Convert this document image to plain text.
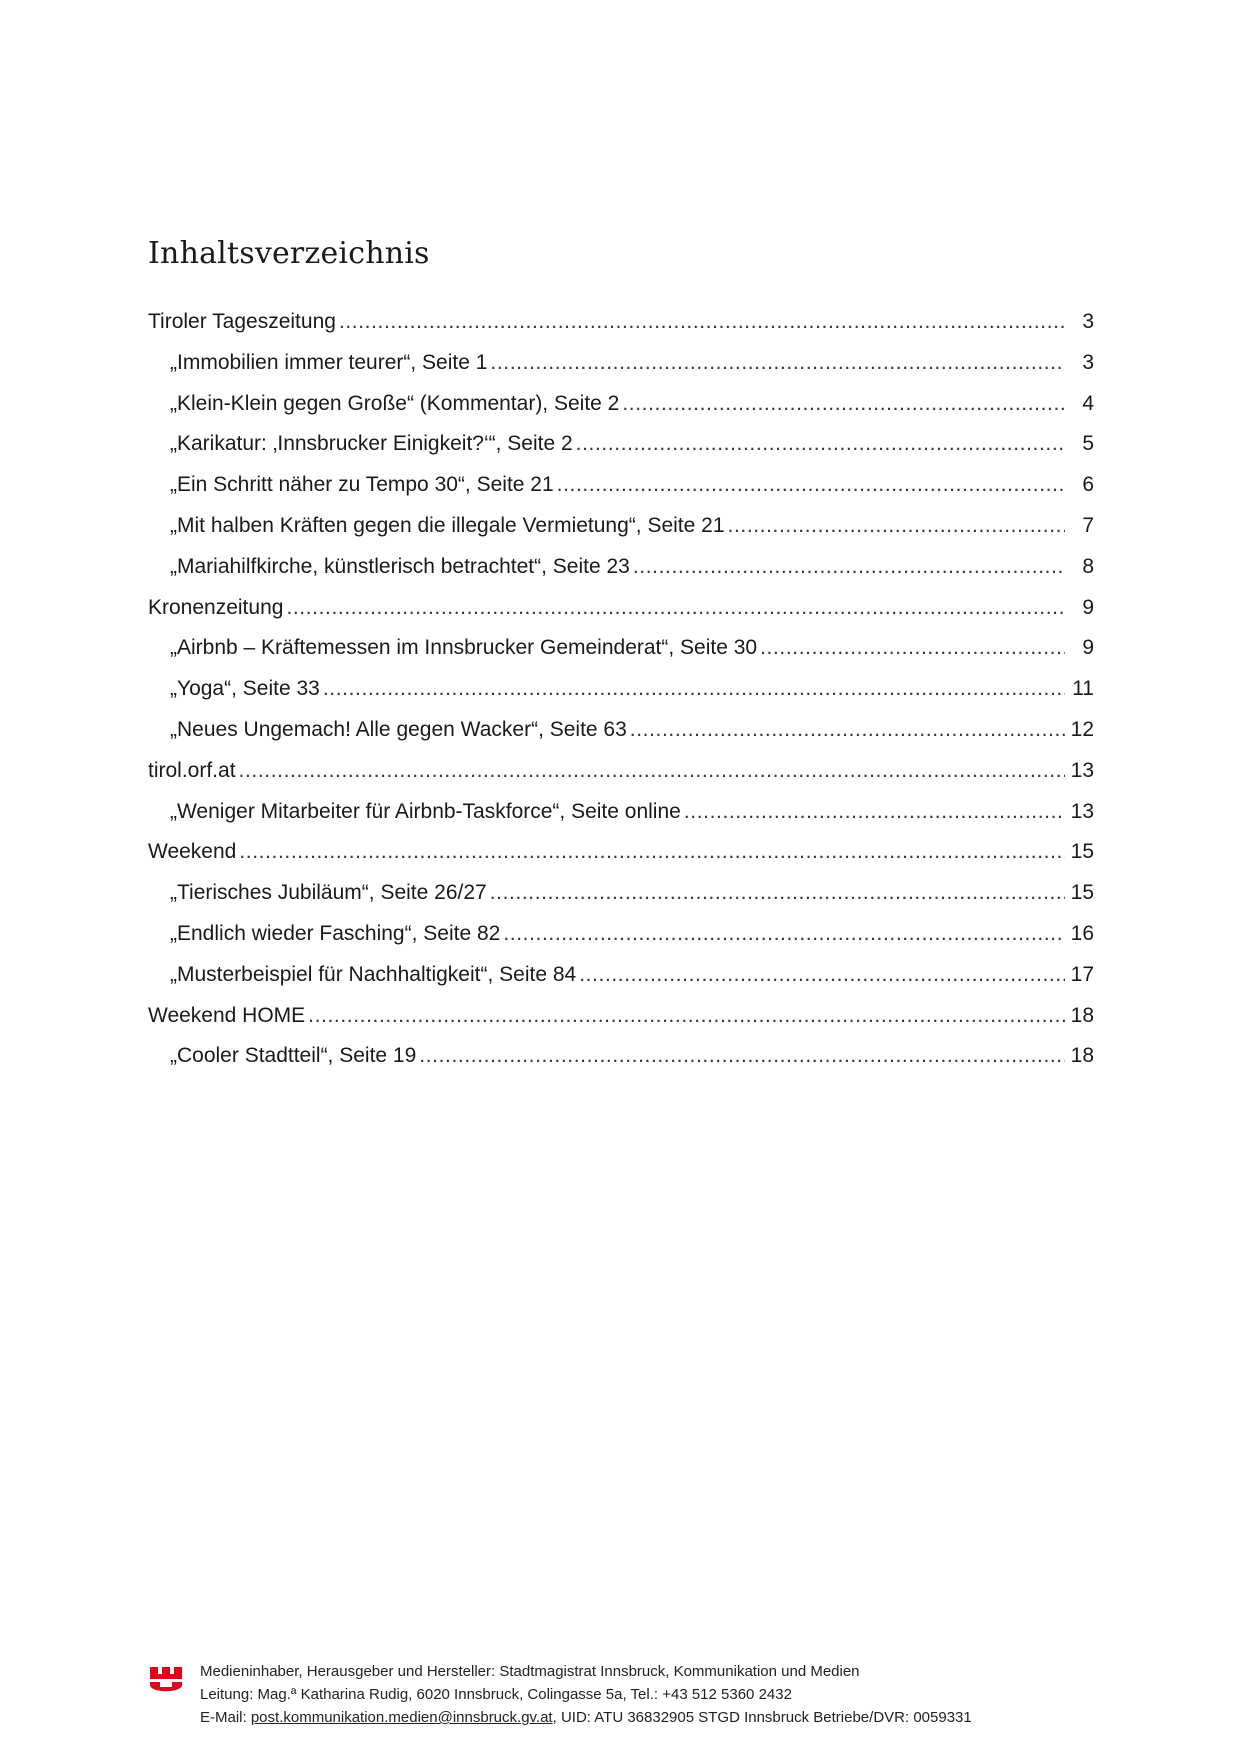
Inhaltsverzeichnis
Tiroler Tageszeitung .....	3
„Immobilien immer teurer“, Seite 1 .....	3
„Klein-Klein gegen Große“ (Kommentar), Seite 2 .....	4
„Karikatur: ‚Innsbrucker Einigkeit?‘“, Seite 2 .....	5
„Ein Schritt näher zu Tempo 30“, Seite 21 .....	6
„Mit halben Kräften gegen die illegale Vermietung“, Seite 21 .....	7
„Mariahilfkirche, künstlerisch betrachtet“, Seite 23 .....	8
Kronenzeitung .....	9
„Airbnb – Kräftemessen im Innsbrucker Gemeinderat“, Seite 30 .....	9
„Yoga“, Seite 33 .....	11
„Neues Ungemach! Alle gegen Wacker“, Seite 63 .....	12
tirol.orf.at .....	13
„Weniger Mitarbeiter für Airbnb-Taskforce“, Seite online .....	13
Weekend .....	15
„Tierisches Jubiläum“, Seite 26/27 .....	15
„Endlich wieder Fasching“, Seite 82 .....	16
„Musterbeispiel für Nachhaltigkeit“, Seite 84 .....	17
Weekend HOME .....	18
„Cooler Stadtteil“, Seite 19 .....	18
Medieninhaber, Herausgeber und Hersteller: Stadtmagistrat Innsbruck, Kommunikation und Medien
Leitung: Mag.ª Katharina Rudig, 6020 Innsbruck, Colingasse 5a, Tel.: +43 512 5360 2432
E-Mail: post.kommunikation.medien@innsbruck.gv.at, UID: ATU 36832905 STGD Innsbruck Betriebe/DVR: 0059331
